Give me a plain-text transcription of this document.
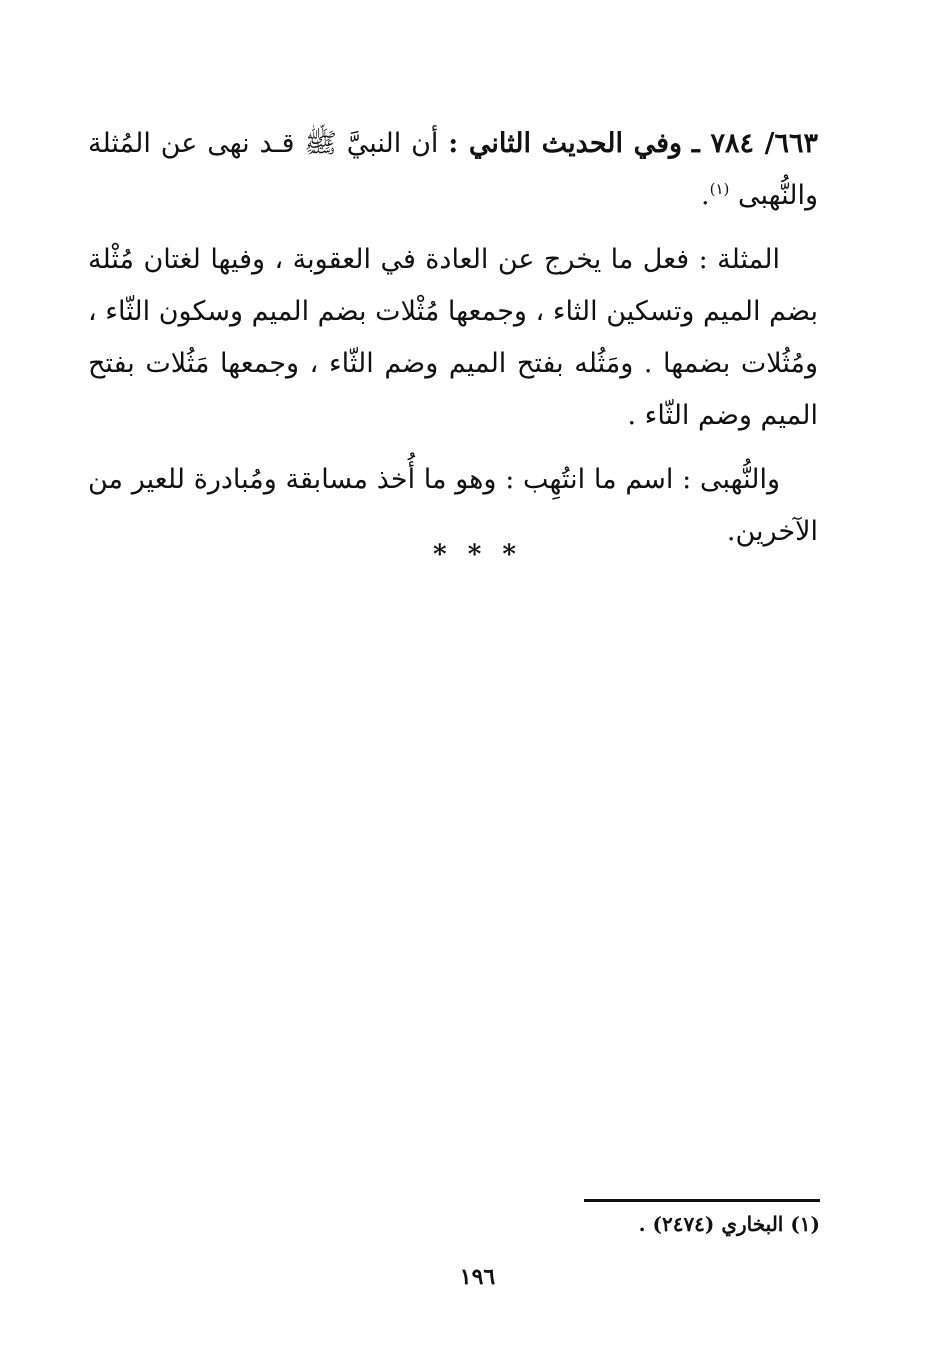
٦٦٣/ ٧٨٤ ـ وفي الحديث الثاني : أن النبيَّ ﷺ قـد نهى عن المُثلة والنُّهبى $^{(١)}$.

المثلة : فعل ما يخرج عن العادة في العقوبة ، وفيها لغتان مُثْلة بضم الميم وتسكين الثاء ، وجمعها مُثْلات بضم الميم وسكون الثّاء ، ومُثُلات بضمها . ومَثُله بفتح الميم وضم الثّاء ، وجمعها مَثُلات بفتح الميم وضم الثّاء .

والنُّهبى : اسم ما انتُهِب : وهو ما أُخذ مسابقة ومُبادرة للعير من الآخرين.

* * *
(١) البخاري (٢٤٧٤) .
١٩٦
